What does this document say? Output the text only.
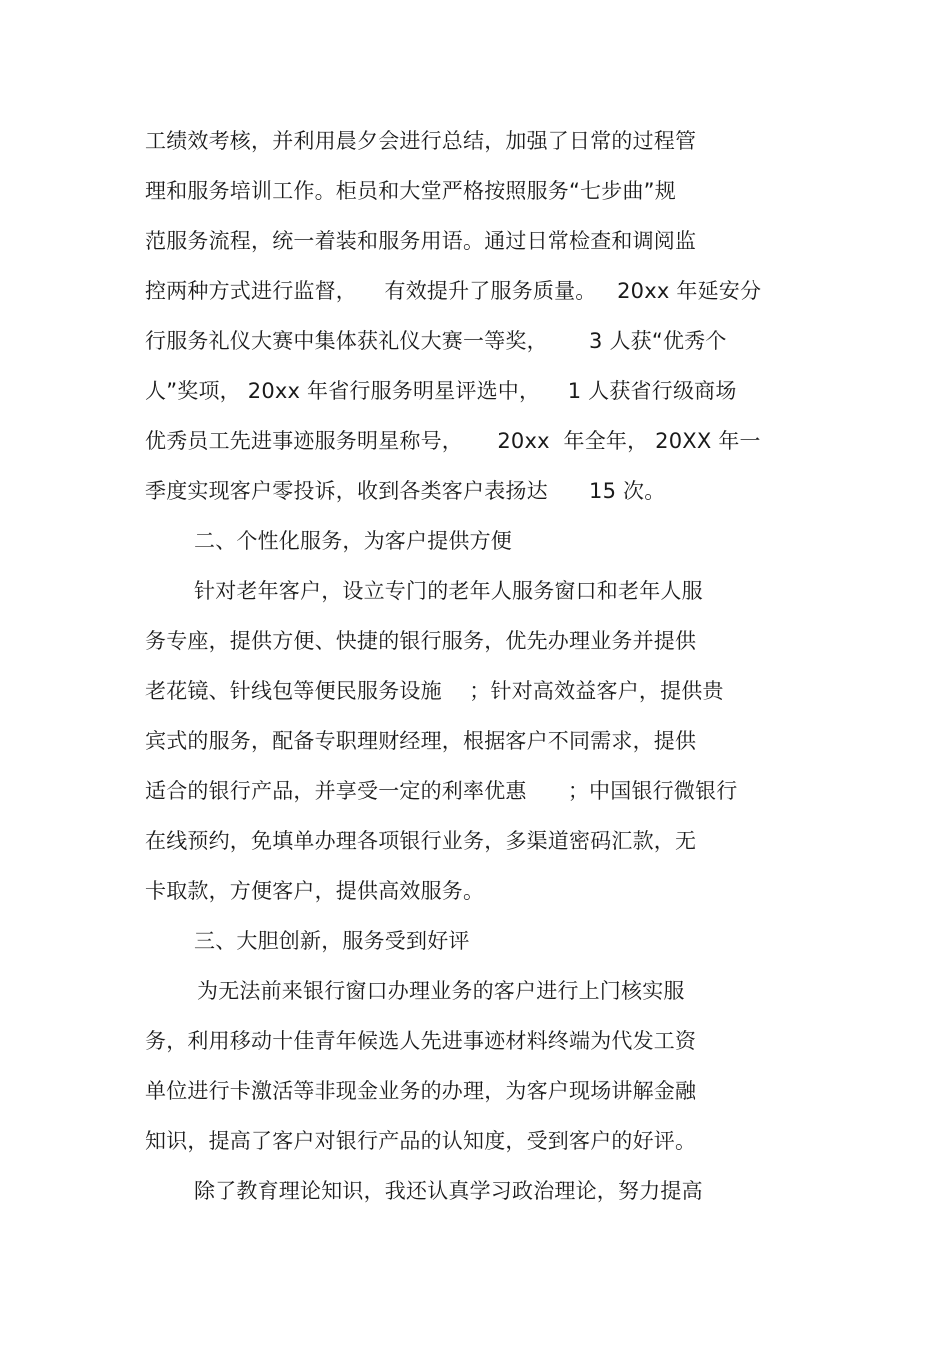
工绩效考核，并利用晨夕会进行总结，加强了日常的过程管
理和服务培训工作。柜员和大堂严格按照服务“七步曲”规
范服务流程，统一着装和服务用语。通过日常检查和调阅监
控两种方式进行监督，    有效提升了服务质量。   20xx 年延安分
行服务礼仪大赛中集体获礼仪大赛一等奖，      3 人获“优秀个
人”奖项， 20xx 年省行服务明星评选中，    1 人获省行级商场
优秀员工先进事迹服务明星称号，     20xx  年全年， 20XX 年一
季度实现客户零投诉，收到各类客户表扬达      15 次。
二、个性化服务，为客户提供方便
针对老年客户，设立专门的老年人服务窗口和老年人服
务专座，提供方便、快捷的银行服务，优先办理业务并提供
老花镜、针线包等便民服务设施    ；针对高效益客户，提供贵
宾式的服务，配备专职理财经理，根据客户不同需求，提供
适合的银行产品，并享受一定的利率优惠      ；中国银行微银行
在线预约，免填单办理各项银行业务，多渠道密码汇款，无
卡取款，方便客户，提供高效服务。
三、大胆创新，服务受到好评
为无法前来银行窗口办理业务的客户进行上门核实服
务，利用移动十佳青年候选人先进事迹材料终端为代发工资
单位进行卡激活等非现金业务的办理，为客户现场讲解金融
知识，提高了客户对银行产品的认知度，受到客户的好评。
除了教育理论知识，我还认真学习政治理论，努力提高
